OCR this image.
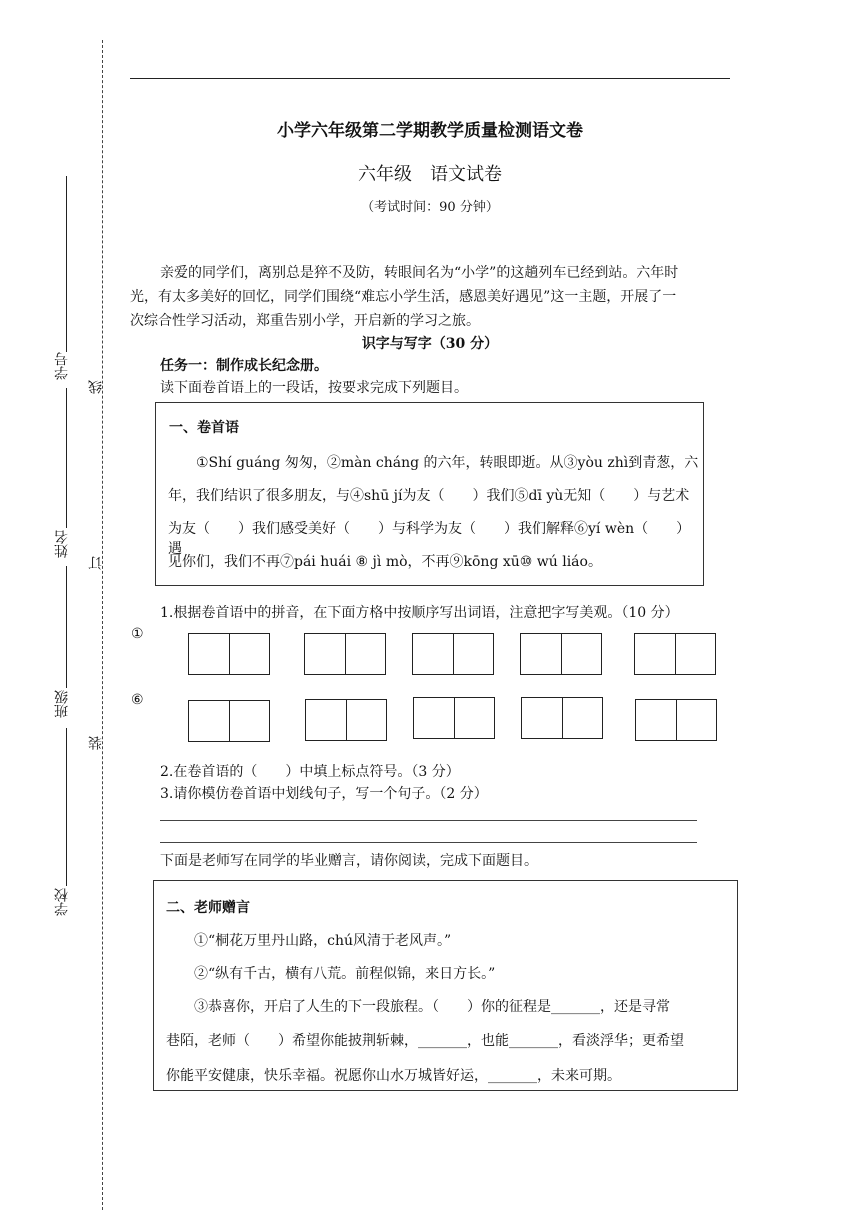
学号
姓名
班级
学校
线
订
装
小学六年级第二学期教学质量检测语文卷
六年级　语文试卷
（考试时间：90 分钟）
亲爱的同学们，离别总是猝不及防，转眼间名为“小学”的这趟列车已经到站。六年时
光，有太多美好的回忆，同学们围绕“难忘小学生活，感恩美好遇见”这一主题，开展了一
次综合性学习活动，郑重告别小学，开启新的学习之旅。
识字与写字（30 分）
任务一：制作成长纪念册。
读下面卷首语上的一段话，按要求完成下列题目。
一、卷首语
①Shí guáng 匆匆，②màn cháng 的六年，转眼即逝。从③yòu zhì到青葱，六
年，我们结识了很多朋友，与④shū jí为友（　　）我们⑤dī yù无知（　　）与艺术
为友（　　）我们感受美好（　　）与科学为友（　　）我们解释⑥yí wèn（　　）遇
见你们，我们不再⑦pái huái ⑧ jì mò，不再⑨kōng xū⑩ wú liáo。
1.根据卷首语中的拼音，在下面方格中按顺序写出词语，注意把字写美观。（10 分）
①
⑥
2.在卷首语的（　　）中填上标点符号。（3 分）
3.请你模仿卷首语中划线句子，写一个句子。（2 分）
下面是老师写在同学的毕业赠言，请你阅读，完成下面题目。
二、老师赠言
①“桐花万里丹山路，chú风清于老风声。”
②“纵有千古，横有八荒。前程似锦，来日方长。”
③恭喜你，开启了人生的下一段旅程。（　　）你的征程是_______，还是寻常
巷陌，老师（　　）希望你能披荆斩棘，_______，也能_______，看淡浮华；更希望
你能平安健康，快乐幸福。祝愿你山水万城皆好运，_______，未来可期。
